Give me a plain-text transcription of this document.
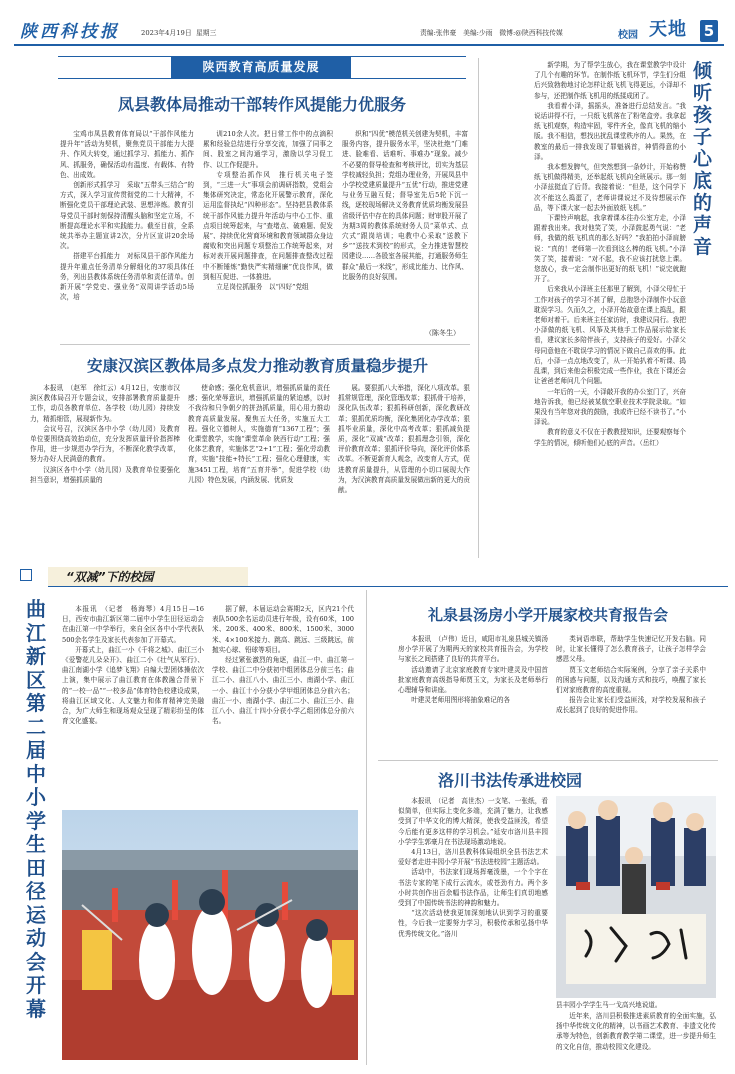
陕西科技报	2023年4月19日 星期三	责编:张伟豪　美编:少雨　微博:@陕西科技传媒	校园 天地 5
陕西教育高质量发展
凤县教体局推动干部转作风提能力优服务

宝鸡市凤县教育体育局以“干部作风能力提升年”活动为契机，聚焦党员干部能力大提升、作风大转变，通过抓学习、抓能力、抓作风、抓服务，确保活动有温度、有载体、有特色、出成效。

创新形式抓学习　采取“五带头三结合”的方式，深入学习宣传贯彻党的二十大精神，不断强化党员干部理论武装、思想淬炼。教育引导党员干部时刻保持清醒头脑和坚定立场，不断提高理论水平和实践能力。截至目前，全系统共举办主题宣讲2次，分片区宣讲20余场次。

搭建平台抓能力　对标凤县干部作风能力提升年重点任务清单分解细化的37项具体任务，列出县教体系统任务清单和责任清单。创新开展“学党史、强业务”双周讲学活动5场次，培

训210余人次。把日常工作中的点滴积累和经验总结进行分享交流，加强了同事之间、股室之间沟通学习，激励以学习促工作、以工作促提升。

专项整治抓作风　推行机关电子签到，“三进一大”事项会前调研指数，党组会集体研究决定，常态化开展警示教育，深化运用监督执纪“四种形态”。坚持把县教体系统干部作风能力提升年活动与中心工作、重点项目统筹起来，与“查堵点、破难题、促发展”、持续优化营商环境和教育领域群众身边腐败和突出问题专项整治工作统筹起来，对标对表开展问题排查，在问题排查整改过程中不断锤炼“勤快严实精细廉”优良作风，做到相互促进、一体推进。

立足岗位抓服务　以“四好”党组

织和“四优”模范机关创建为契机，丰富服务内容，提升服务水平，坚决杜绝“门难进、脸难看、话难听、事难办”现象。减少不必要的督导检查和考核评比，切实为基层学校减轻负担；党组办理业务，开展凤县中小学校党建质量提升“五优”行动，推进党建与业务互融互促；督导室先后5轮下沉一线，逐校现场解决义务教育优质均衡发展县省级评估中存在的具体问题；财审股开展了为期3周的教体系统财务人员“菜单式、点穴式”跟岗培训；电教中心采取“送教下乡”“送技术到校”的形式，全力推进智慧校园建设……各股室各展其能，打通服务师生群众“最后一米线”，形成比能力、比作风、比服务的良好氛围。

（陈冬生）
安康汉滨区教体局多点发力推动教育质量稳步提升

本报讯　（赵军　徐红云）4月12日，安康市汉滨区教体局召开专题会议，安排部署教育质量提升工作，动员各教育单位、各学校（幼儿园）持续发力，精抓细管，展现新作为。

会议号召，汉滨区各中小学（幼儿园）及教育单位要围绕高效抬动位，充分发挥质量评价指挥棒作用，进一步规范办学行为，不断深化教学改革，努力办好人民满意的教育。

汉滨区各中小学（幼儿园）及教育单位要强化担当意识，增强抓质量的

使命感；强化危机意识，增强抓质量的责任感；强化荣辱意识，增强抓质量的紧迫感，以时不我待和只争朝夕的拼劲抓质量，用心用力推动教育高质量发展。聚焦五大任务，实施五大工程。强化立德树人，实施德育“1367工程”；强化课堂教学，实施“课堂革命 陕西行动”工程；强化体艺教育，实施体艺“2+1”工程；强化劳动教育，实施“技能+特长”工程；强化心理健康，实施3451工程，培育“五育并举”，促进学校（幼儿园）特色发展，内涵发展、优质发

展。要狠抓八大举措，深化八项改革。狠抓常规管理，深化管理改革；狠抓骨干培养，深化队伍改革；狠抓科研创新，深化教研改革；狠抓优质均衡，深化集团化办学改革；狠抓毕业质量，深化中高考改革；狠抓减负提质，深化“双减”改革；狠抓理念引领，深化评价教育改革；狠抓评价导向，深化评价体系改革。不断更新育人观念，改变育人方式，促进教育质量提升，从管理的小切口展现大作为，为汉滨教育高质量发展做出新的更大的贡献。

倾听孩子心底的声音

新学期，为了帮学生放心，我在课堂教学中设计了几个有趣的环节。在制作纸飞机环节，学生们分组后兴致勃勃地讨论怎样让纸飞机飞得更远，小泽却不参与，还把制作纸飞机用的纸揉成团了。

我看着小泽，摇摇头，准备进行总结发言。“我说话讲得不行，一只纸飞机落在了粉笔盒旁。我拿起纸飞机观察，构造牢固，零件齐全，像真飞机的缩小版。我不相信，想找出扰乱课堂秩序的人。果然，在教室的最后一排我发现了罪魁祸首，神情得意的小泽。

我本想发脾气，但突然想到一条妙计，开始称赞纸飞机做得精美，还举起纸飞机向全班展示。那一刻小泽兹挺直了后背。我接着说：“但是，这个同学下次不能这么捣蛋了，老师讲课说过不及待想展示作品，等下课大家一起去外面放纸飞机。”

下课铃声响起，我拿着课本往办公室方走，小泽跟着我出来。我对他笑了笑，小泽鼓起勇气说：“老师，我做的纸飞机真的那么好吗？”我拍拍小泽肩膀说：“真的！老师第一次看到这么棒的纸飞机。”小泽笑了笑，接着说：“对不起，我不应该打扰您上课。您放心，我一定会制作出更好的纸飞机！”说完就跑开了。

后来我从小泽班主任那里了解到，小泽父母忙于工作对孩子的学习不甚了解，总抱怨小泽制作小玩意耽误学习。久而久之，小泽开始故意在课上捣乱，跟老师对着干。后来班主任家访时，我建议同行。我把小泽做的纸飞机、风筝及其他手工作品展示给家长看，建议家长多陪伴孩子，支持孩子的爱好。小泽父母同意他在不耽误学习的情况下做自己喜欢的事。此后，小泽一点点地改变了，从一开始扒着不听课、捣乱课，到后来他会积极完成一些作业，我在下课还会让爸爸老师问几个问题。

一年后的一天，小泽敲开我的办公室门了，兴奋地告诉我，他已经被某航空职业技术学院录取。“如果没有当年您对我的鼓励，我或许已经不读书了。”小泽说。

教育的意义不仅在于教教授知识，还要观察每个学生的情况，倾听他们心底的声音。（岳红）

“双减”下的校园
曲江新区第二届中小学生田径运动会开幕

本报讯　（记者　杨海琴）4月15日—16日，西安市曲江新区第二届中小学生田径运动会在曲江第一中学举行，来自全区各中小学代表队500余名学生及家长代表参加了开幕式。

开幕式上，曲江一小《千将之城》、曲江三小《爱警花儿朵朵开》、曲江二小《壮气从军行》、曲江南湖小学《追梦飞翔》自编大型团体操依次上演，集中展示了曲江教育在体教融合背景下的“一校一品”“一校多品”体育特色校建设成果，将曲江区域文化、人文魅力和体育精神完美融合，为广大师生和现场观众呈现了精彩纷呈的体育文化盛宴。

据了解，本届运动会赛期2天，区内21个代表队500余名运动员进行年级，设有60米，100米、200米、400米、800米、1500米、3000米、4×100米接力、跳高、跳远、三级跳远，前抛实心球、铅球等项目。

经过紧张激烈的角逐，曲江一中、曲江第一学校、曲江二中分获初中组团体总分前三名；曲江二小、曲江八小、曲江三小、南湖小学、曲江一小、曲江十小分获小学甲组团体总分前六名；曲江一小、南湖小学、曲江二小、曲江三小、曲江八小、曲江十四小分获小学乙组团体总分前六名。

礼泉县汤房小学开展家校共育报告会

本报讯　（卢伟）近日，咸阳市礼泉县城关镇汤房小学开展了为期两天的家校共育报告会，为学校与家长之间搭建了良好的共育平台。

活动邀请了北京家庭教育专家叶建灵及中国首批家庭教育高级指导师贾玉文，为家长及老师举行心理辅导和讲座。

叶建灵老师用图形将抽象难记的各

类词语串联，帮助学生快速记忆开发右脑。同时，让家长懂得了怎么教育孩子，让孩子怎样学会感恩父母。

贾玉文老师结合实际案例，分享了亲子关系中的困惑与问题，以及沟通方式和技巧，唤醒了家长们对家庭教育的高度重视。

报告会让家长们受益匪浅，对学校发展和孩子成长起到了良好的促进作用。

洛川书法传承进校园

本报讯　（记者　高世杰）一支笔、一张纸，看似简单，但实际上变化多端，充满了魅力，让我感受到了中华文化的博大精深，使我受益匪浅，希望今后能有更多这样的学习机会。”延安市洛川县丰园小学学生郭豪月在书法现场激动地说。

4月13日，洛川县教科体局组织全县书法艺术爱好者走进丰园小学开展“书法进校园”主题活动。

活动中，书法家们现场挥毫泼墨，一个个字在书法专家的笔下成行云流水，或苍劲有力。两个多小时共创作出百余幅书法作品，让师生们真切地感受到了中国传统书法的神韵和魅力。

“这次活动使我更加深刻地认识到学习的重要性，今后我一定要努力学习，积极传承和弘扬中华优秀传统文化。”洛川

县丰园小学学生马一戈高兴地说道。

近年来，洛川县积极推进素质教育的全面实施，弘扬中华传统文化的精神，以书画艺术教育、非遗文化传承等为特色，创新教育教学第二课堂，进一步提升师生的文化自信，推动校园文化建设。
